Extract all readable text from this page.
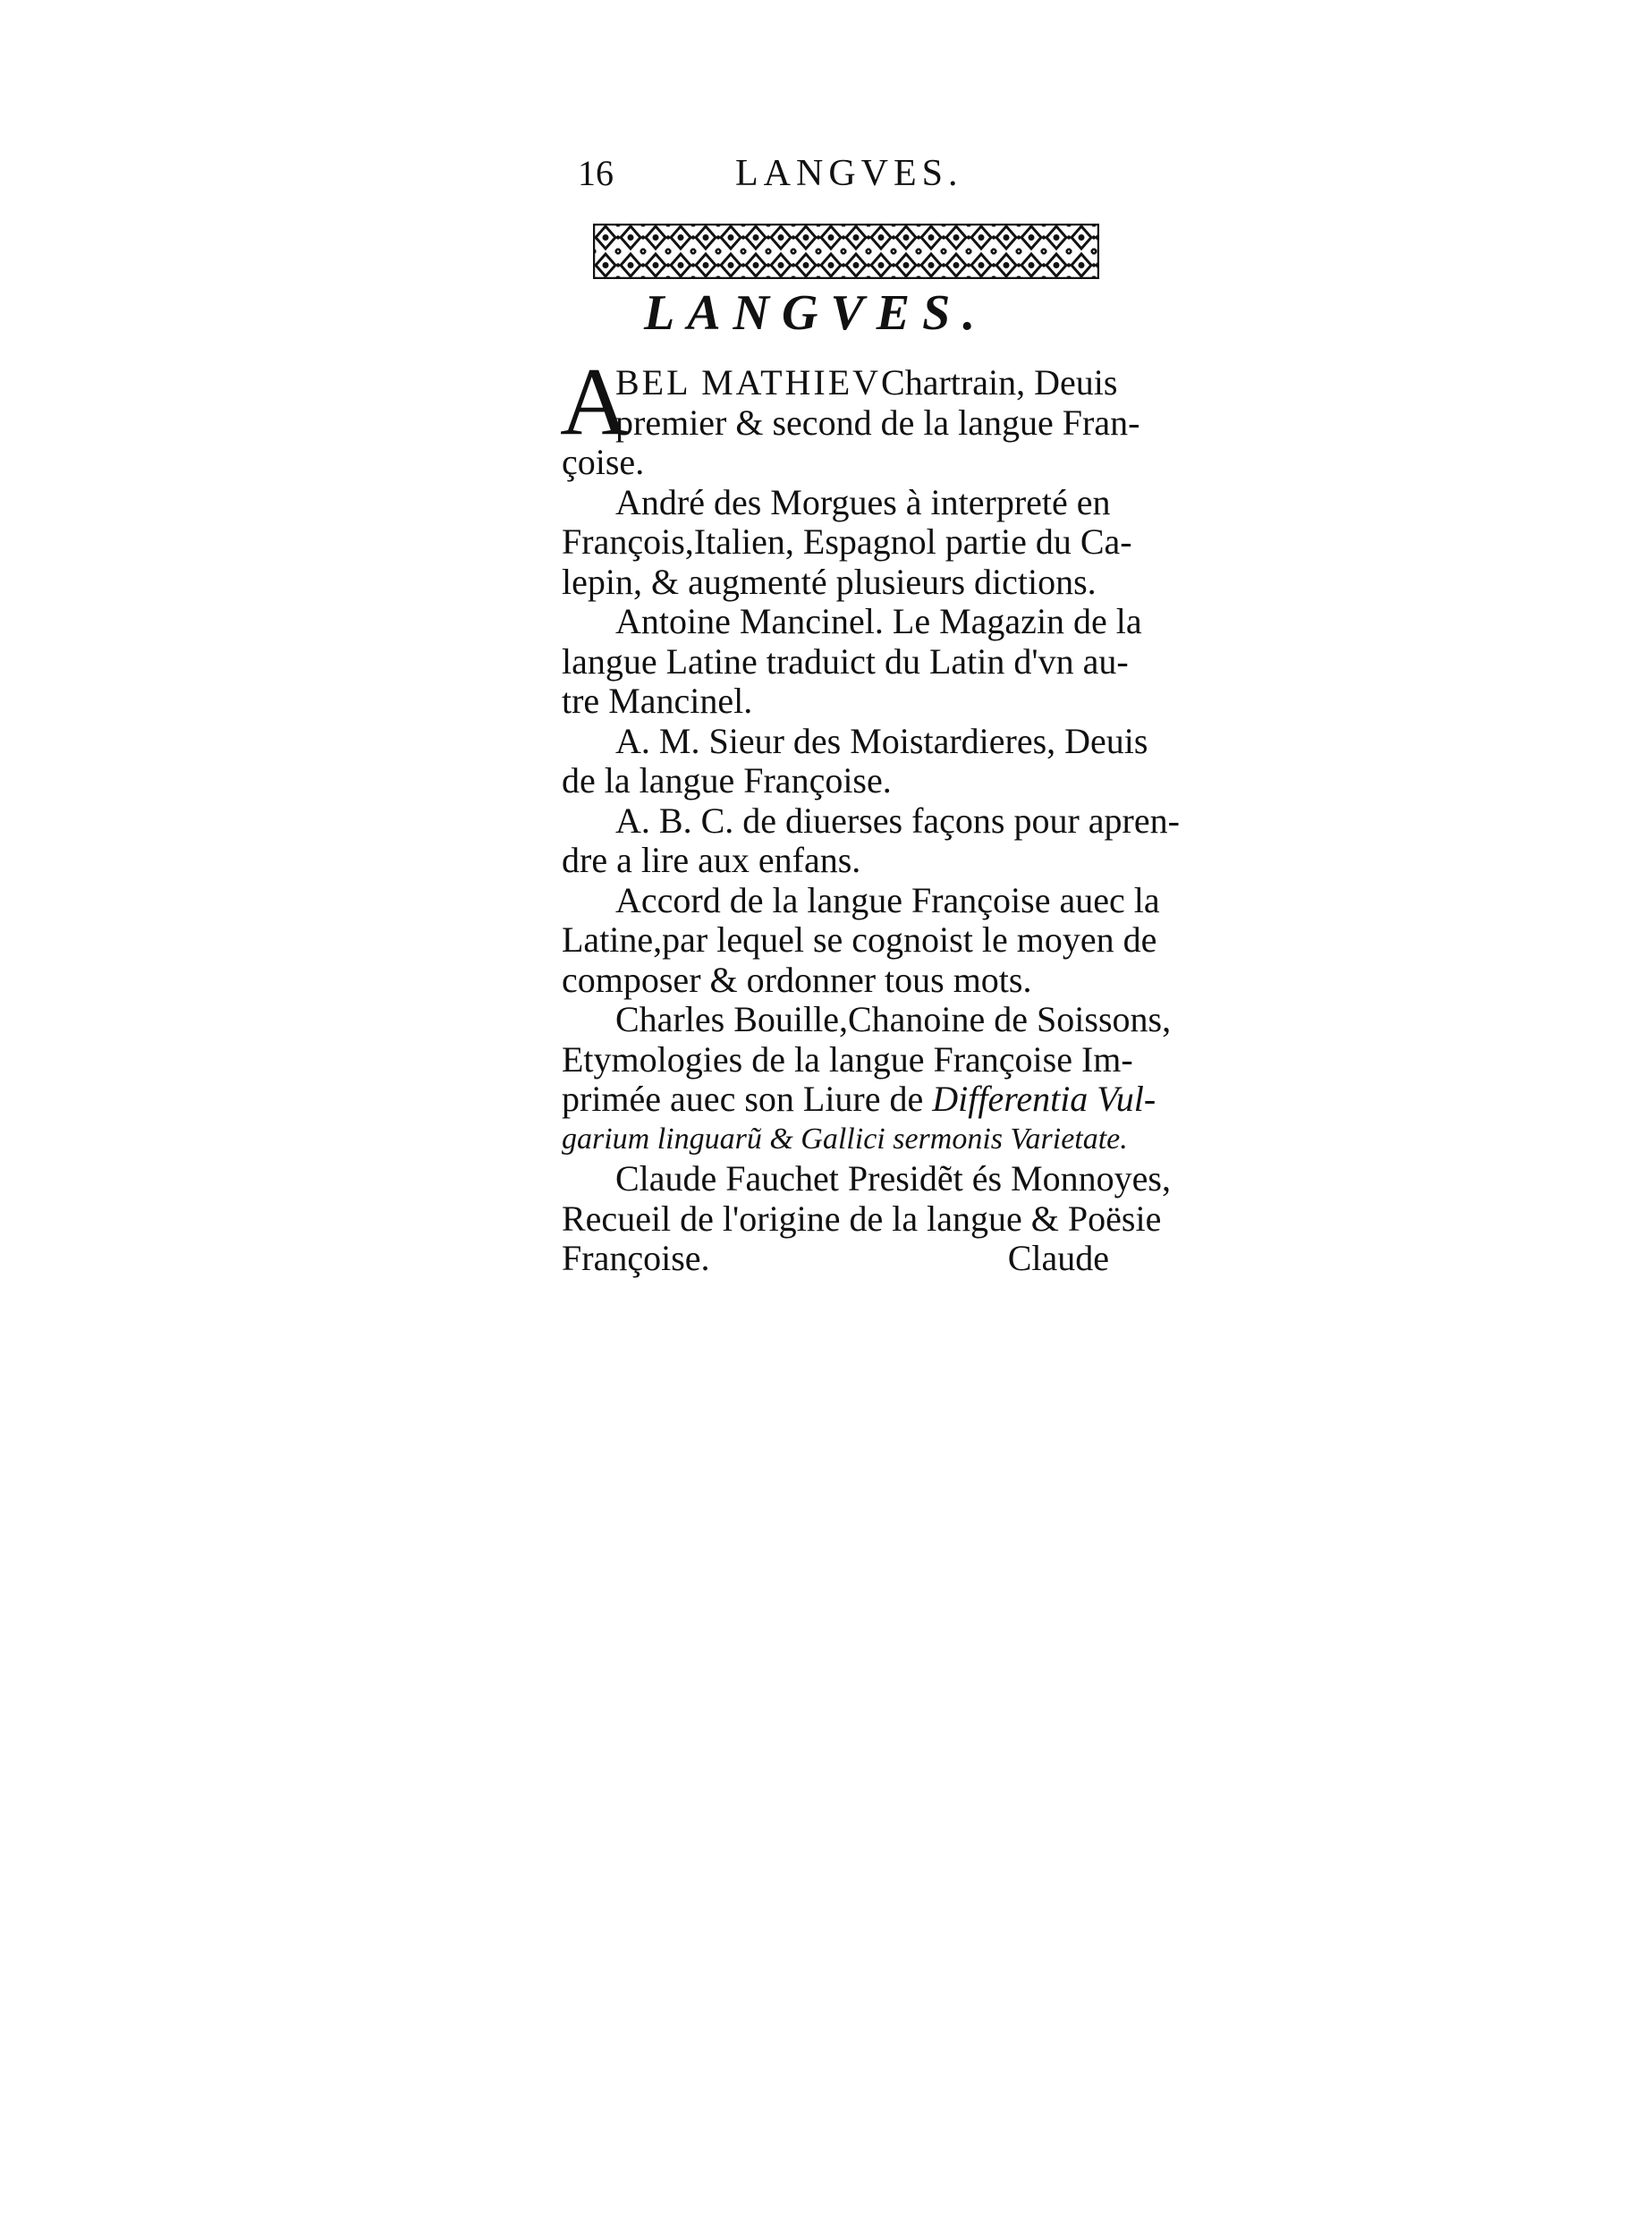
16	LANGVES.
LANGVES.
A
BEL MATHIEV Chartrain, Deuis
premier & second de la langue Fran-
çoise.
André des Morgues à interpreté en
François,Italien, Espagnol partie du Ca-
lepin, & augmenté plusieurs dictions.
Antoine Mancinel. Le Magazin de la
langue Latine traduict du Latin d'vn au-
tre Mancinel.
A. M. Sieur des Moistardieres, Deuis
de la langue Françoise.
A. B. C. de diuerses façons pour apren-
dre a lire aux enfans.
Accord de la langue Françoise auec la
Latine,par lequel se cognoist le moyen de
composer & ordonner tous mots.
Charles Bouille,Chanoine de Soissons,
Etymologies de la langue Françoise Im-
primée auec son Liure de Differentia Vul-
garium linguarũ & Gallici sermonis Varietate.
Claude Fauchet Presidẽt és Monnoyes,
Recueil de l'origine de la langue & Poësie
Françoise.	Claude
